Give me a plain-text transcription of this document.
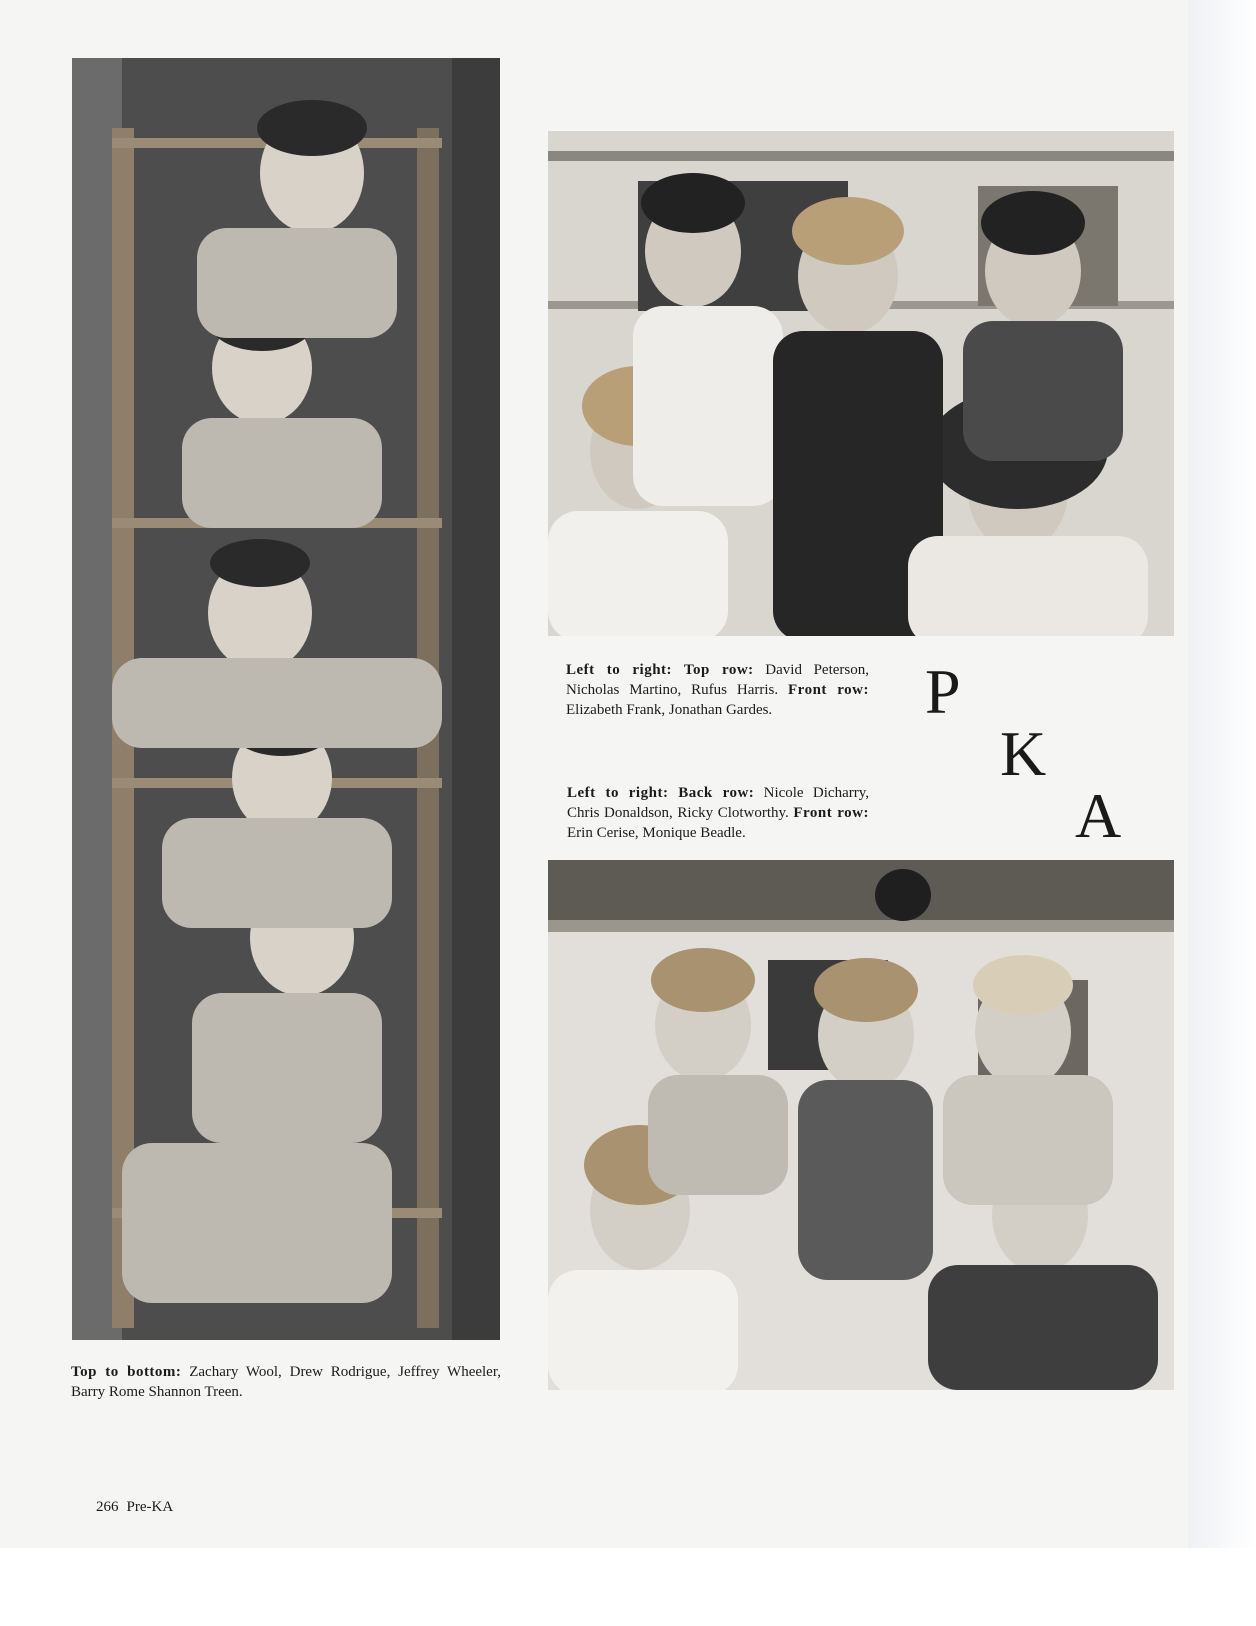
Left to right: Top row: David Peterson, Nicholas Martino, Rufus Harris. Front row: Elizabeth Frank, Jonathan Gardes.	P
K
A
Left to right: Back row: Nicole Dicharry, Chris Donaldson, Ricky Clotworthy. Front row: Erin Cerise, Monique Beadle.
Top to bottom: Zachary Wool, Drew Rodrigue, Jeffrey Wheeler, Barry Rome Shannon Treen.
266 Pre-KA
